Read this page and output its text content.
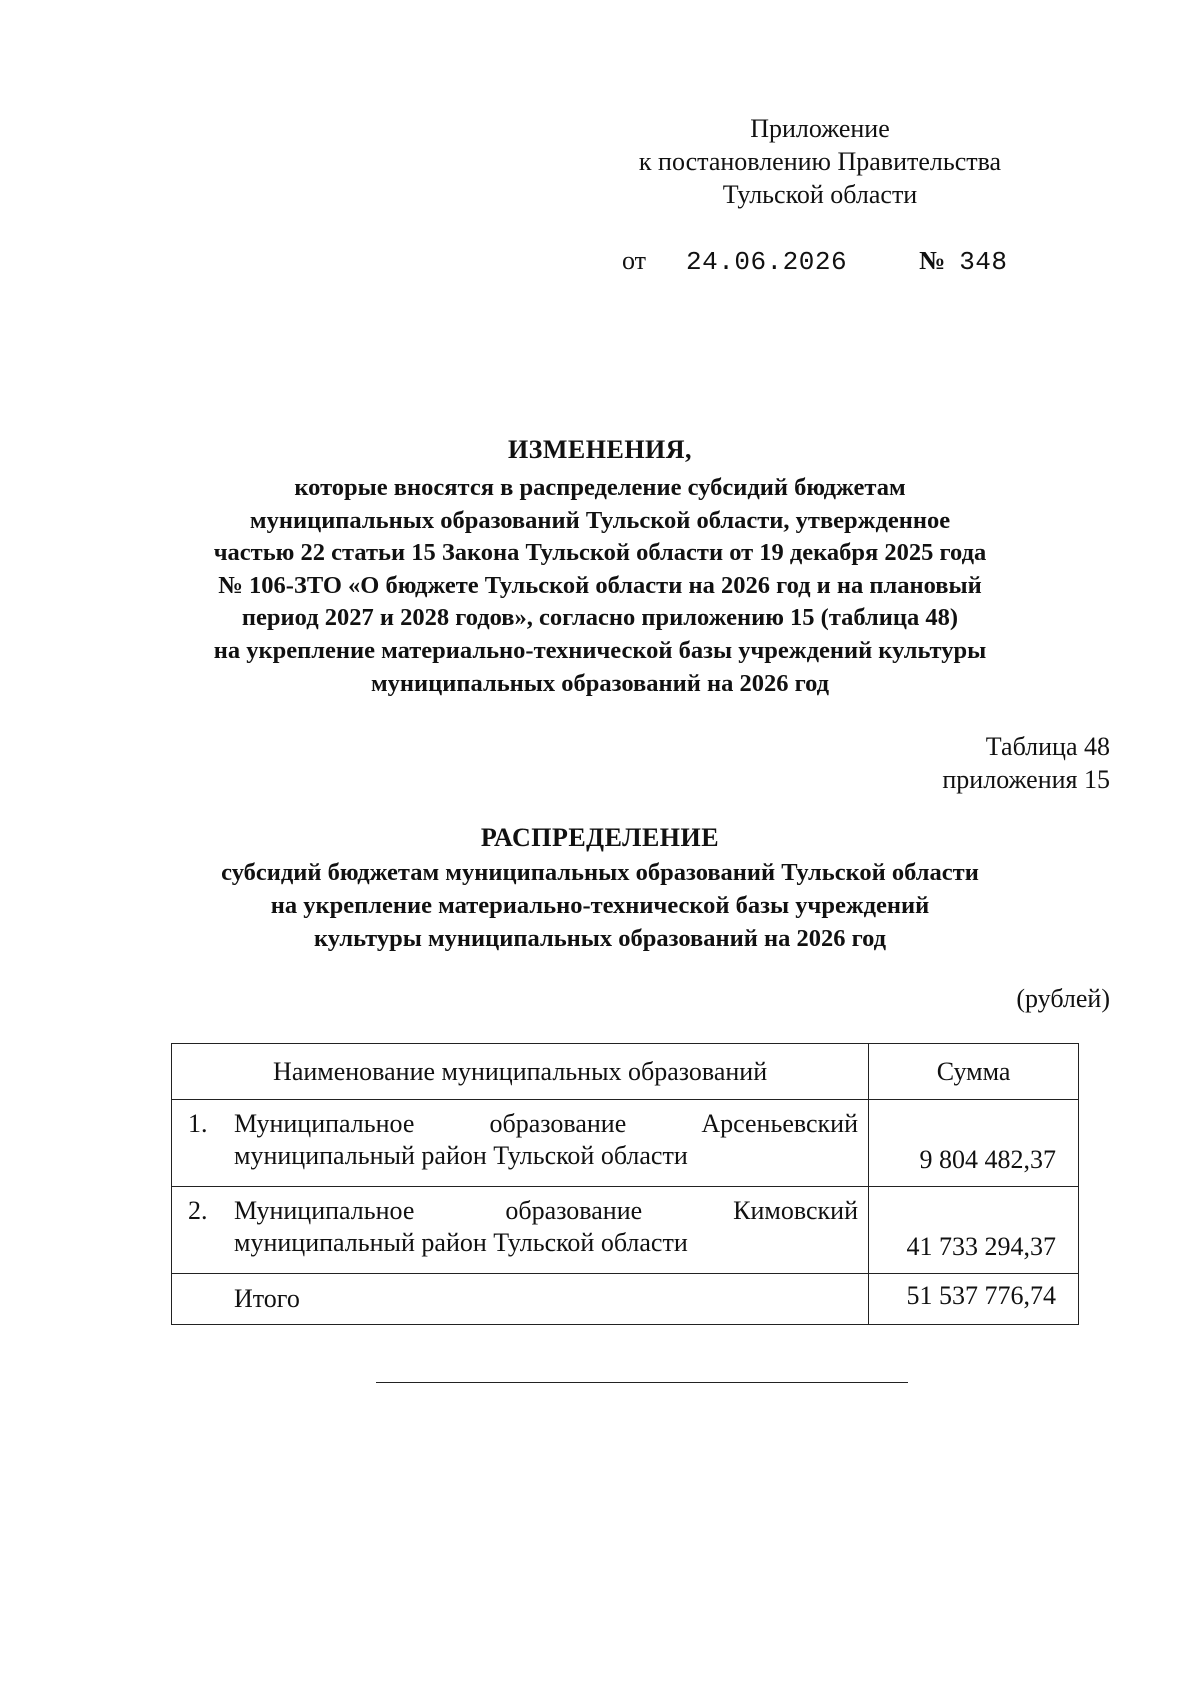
Приложение
к постановлению Правительства
Тульской области
от 24.06.2026	№ 348
ИЗМЕНЕНИЯ,
которые вносятся в распределение субсидий бюджетам
муниципальных образований Тульской области, утвержденное
частью 22 статьи 15 Закона Тульской области от 19 декабря 2025 года
№ 106-ЗТО «О бюджете Тульской области на 2026 год и на плановый
период 2027 и 2028 годов», согласно приложению 15 (таблица 48)
на укрепление материально-технической базы учреждений культуры
муниципальных образований на 2026 год
Таблица 48
приложения 15
РАСПРЕДЕЛЕНИЕ
субсидий бюджетам муниципальных образований Тульской области
на укрепление материально-технической базы учреждений
культуры муниципальных образований на 2026 год
(рублей)
Наименование муниципальных образований	Сумма

1. Муниципальное образование Арсеньевский
муниципальный район Тульской области	9 804 482,37

2. Муниципальное образование Кимовский
муниципальный район Тульской области	41 733 294,37

Итого	51 537 776,74
